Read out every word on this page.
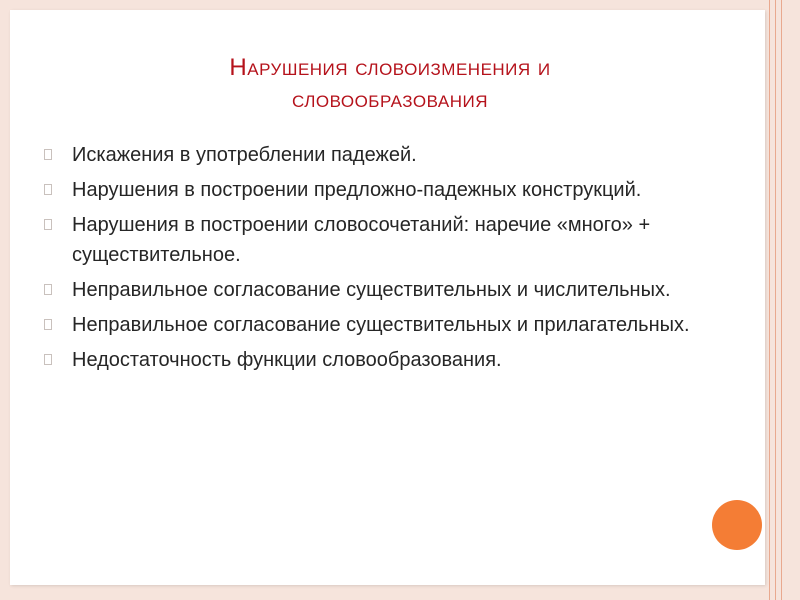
Нарушения словоизменения и
словообразования
Искажения в употреблении падежей.
Нарушения в построении предложно-падежных конструкций.
Нарушения в построении словосочетаний: наречие «много» + существительное.
Неправильное согласование существительных и числительных.
Неправильное согласование существительных и прилагательных.
Недостаточность функции словообразования.
